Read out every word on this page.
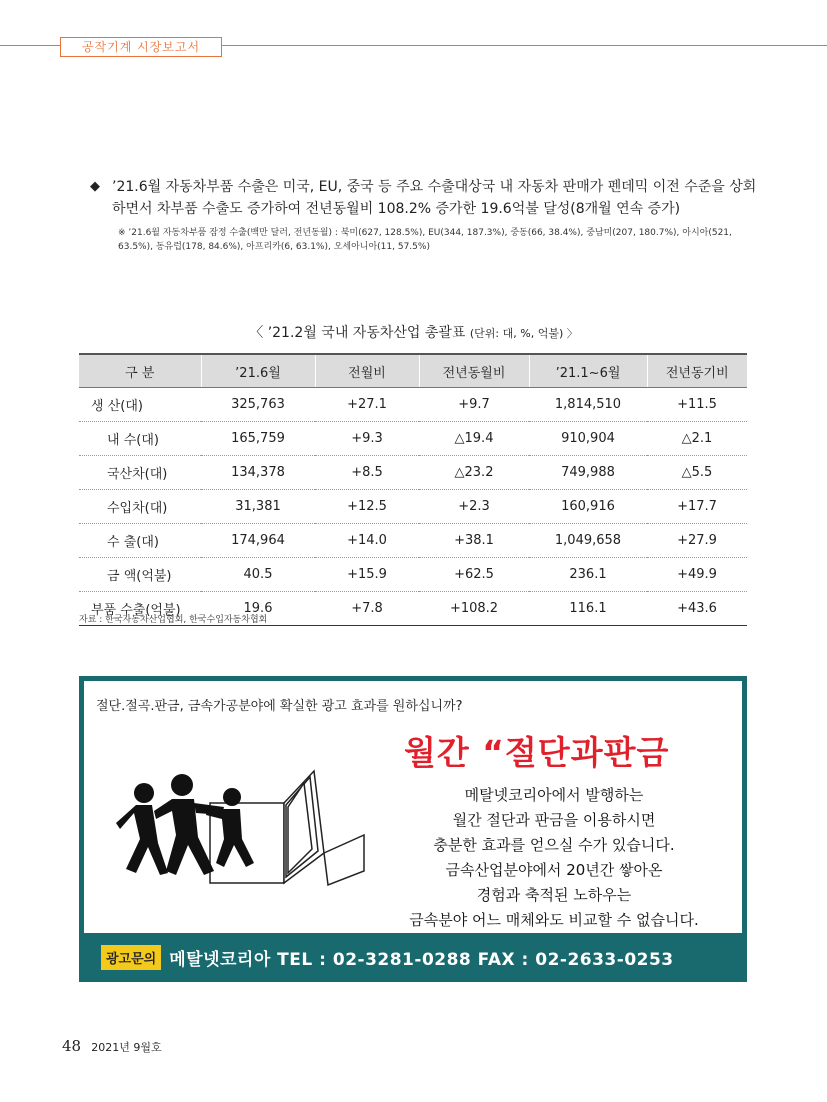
공작기계 시장보고서
◆ ’21.6월 자동차부품 수출은 미국, EU, 중국 등 주요 수출대상국 내 자동차 판매가 펜데믹 이전 수준을 상회하면서 차부품 수출도 증가하여 전년동월비 108.2% 증가한 19.6억불 달성(8개월 연속 증가)
※ ’21.6월 자동차부품 잠정 수출(백만 달러, 전년동월) : 북미(627, 128.5%), EU(344, 187.3%), 중동(66, 38.4%), 중남미(207, 180.7%), 아시아(521, 63.5%), 동유럽(178, 84.6%), 아프리카(6, 63.1%), 오세아니아(11, 57.5%)
〈 ’21.2월 국내 자동차산업 총괄표 (단위: 대, %, 억불) 〉
구 분	’21.6월	전월비	전년동월비	’21.1~6월	전년동기비
생 산(대)	325,763	+27.1	+9.7	1,814,510	+11.5
내 수(대)	165,759	+9.3	△19.4	910,904	△2.1
국산차(대)	134,378	+8.5	△23.2	749,988	△5.5
수입차(대)	31,381	+12.5	+2.3	160,916	+17.7
수 출(대)	174,964	+14.0	+38.1	1,049,658	+27.9
금 액(억불)	40.5	+15.9	+62.5	236.1	+49.9
부품 수출(억불)	19.6	+7.8	+108.2	116.1	+43.6
자료 : 한국자동차산업협회, 한국수입자동차협회
절단.절곡.판금, 금속가공분야에 확실한 광고 효과를 원하십니까?
월간 “절단과판금
메탈넷코리아에서 발행하는
월간 절단과 판금을 이용하시면
충분한 효과를 얻으실 수가 있습니다.
금속산업분야에서 20년간 쌓아온
경험과 축적된 노하우는
금속분야 어느 매체와도 비교할 수 없습니다.
광고문의 메탈넷코리아 TEL : 02-3281-0288 FAX : 02-2633-0253
48 2021년 9월호
